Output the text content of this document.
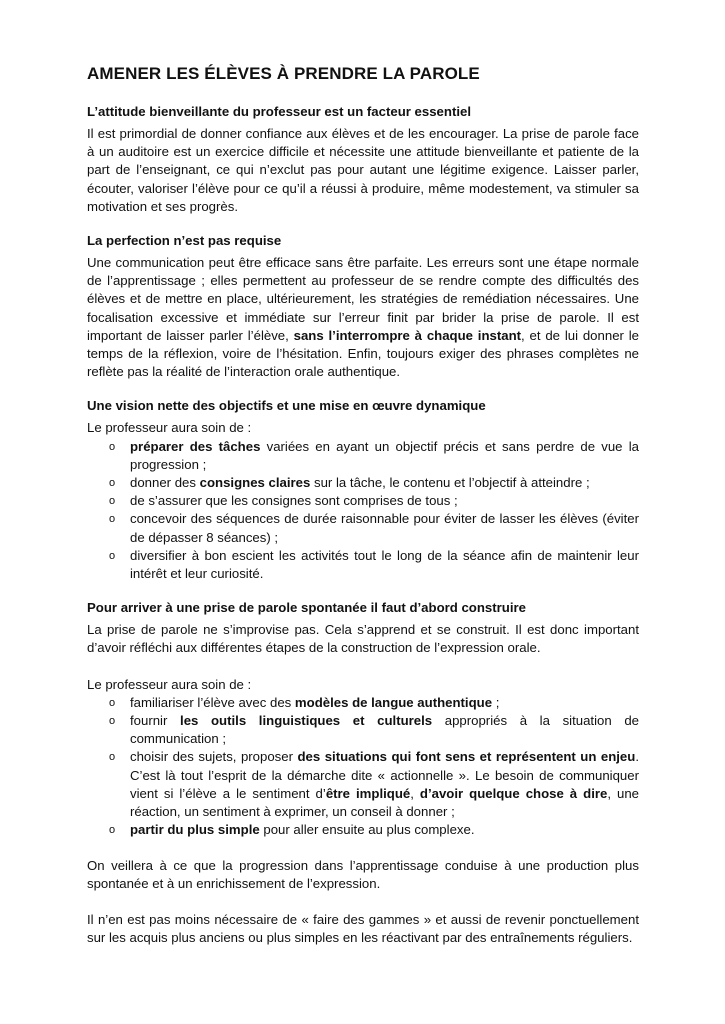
AMENER LES ÉLÈVES À PRENDRE LA PAROLE
L’attitude bienveillante du professeur est un facteur essentiel

Il est primordial de donner confiance aux élèves et de les encourager. La prise de parole face à un auditoire est un exercice difficile et nécessite une attitude bienveillante et patiente de la part de l’enseignant, ce qui n’exclut pas pour autant une légitime exigence. Laisser parler, écouter, valoriser l’élève pour ce qu’il a réussi à produire, même modestement, va stimuler sa motivation et ses progrès.

La perfection n’est pas requise

Une communication peut être efficace sans être parfaite. Les erreurs sont une étape normale de l’apprentissage ; elles permettent au professeur de se rendre compte des difficultés des élèves et de mettre en place, ultérieurement, les stratégies de remédiation nécessaires. Une focalisation excessive et immédiate sur l’erreur finit par brider la prise de parole. Il est important de laisser parler l’élève, sans l’interrompre à chaque instant, et de lui donner le temps de la réflexion, voire de l’hésitation. Enfin, toujours exiger des phrases complètes ne reflète pas la réalité de l’interaction orale authentique.

Une vision nette des objectifs et une mise en œuvre dynamique

Le professeur aura soin de :

o préparer des tâches variées en ayant un objectif précis et sans perdre de vue la progression ;
o donner des consignes claires sur la tâche, le contenu et l’objectif à atteindre ;
o de s’assurer que les consignes sont comprises de tous ;
o concevoir des séquences de durée raisonnable pour éviter de lasser les élèves (éviter de dépasser 8 séances) ;
o diversifier à bon escient les activités tout le long de la séance afin de maintenir leur intérêt et leur curiosité.
Pour arriver à une prise de parole spontanée il faut d’abord construire

La prise de parole ne s’improvise pas. Cela s’apprend et se construit. Il est donc important d’avoir réfléchi aux différentes étapes de la construction de l’expression orale.

Le professeur aura soin de :

o familiariser l’élève avec des modèles de langue authentique ;
o fournir les outils linguistiques et culturels appropriés à la situation de communication ;
o choisir des sujets, proposer des situations qui font sens et représentent un enjeu. C’est là tout l’esprit de la démarche dite « actionnelle ». Le besoin de communiquer vient si l’élève a le sentiment d’être impliqué, d’avoir quelque chose à dire, une réaction, un sentiment à exprimer, un conseil à donner ;
o partir du plus simple pour aller ensuite au plus complexe.

On veillera à ce que la progression dans l’apprentissage conduise à une production plus spontanée et à un enrichissement de l’expression.

Il n’en est pas moins nécessaire de « faire des gammes » et aussi de revenir ponctuellement sur les acquis plus anciens ou plus simples en les réactivant par des entraînements réguliers.
